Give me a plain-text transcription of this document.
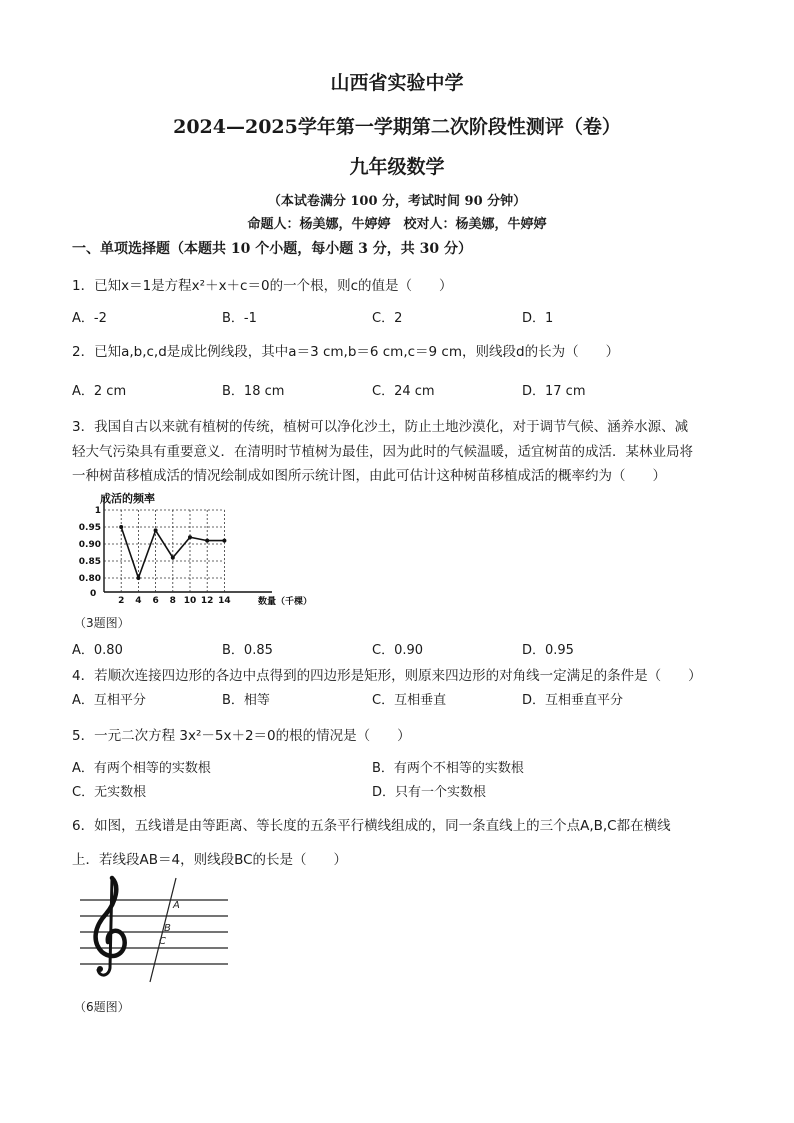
山西省实验中学
2024—2025学年第一学期第二次阶段性测评（卷）
九年级数学
（本试卷满分 100 分，考试时间 90 分钟）
命题人：杨美娜，牛婷婷　校对人：杨美娜，牛婷婷
一、单项选择题（本题共 10 个小题，每小题 3 分，共 30 分）
1．已知x＝1是方程x²＋x＋c＝0的一个根，则c的值是（　　）
A．-2	B．-1	C．2	D．1
2．已知a,b,c,d是成比例线段，其中a＝3 cm,b＝6 cm,c＝9 cm，则线段d的长为（　　）
A．2 cm	B．18 cm	C．24 cm	D．17 cm
3．我国自古以来就有植树的传统，植树可以净化沙土，防止土地沙漠化，对于调节气候、涵养水源、减
轻大气污染具有重要意义．在清明时节植树为最佳，因为此时的气候温暖，适宜树苗的成活．某林业局将
一种树苗移植成活的情况绘制成如图所示统计图，由此可估计这种树苗移植成活的概率约为（　　）
1
0.95
0.90
0.85
0.80
2 4 6 8 10 12 14
0
成活的频率
数量（千棵）
（3题图）
A．0.80	B．0.85	C．0.90	D．0.95
4．若顺次连接四边形的各边中点得到的四边形是矩形，则原来四边形的对角线一定满足的条件是（　　）
A．互相平分	B．相等	C．互相垂直	D．互相垂直平分
5．一元二次方程 3x²－5x＋2＝0的根的情况是（　　）
A．有两个相等的实数根	B．有两个不相等的实数根
C．无实数根	D．只有一个实数根
6．如图，五线谱是由等距离、等长度的五条平行横线组成的，同一条直线上的三个点A,B,C都在横线
上．若线段AB＝4，则线段BC的长是（　　）
A
B
C
（6题图）
